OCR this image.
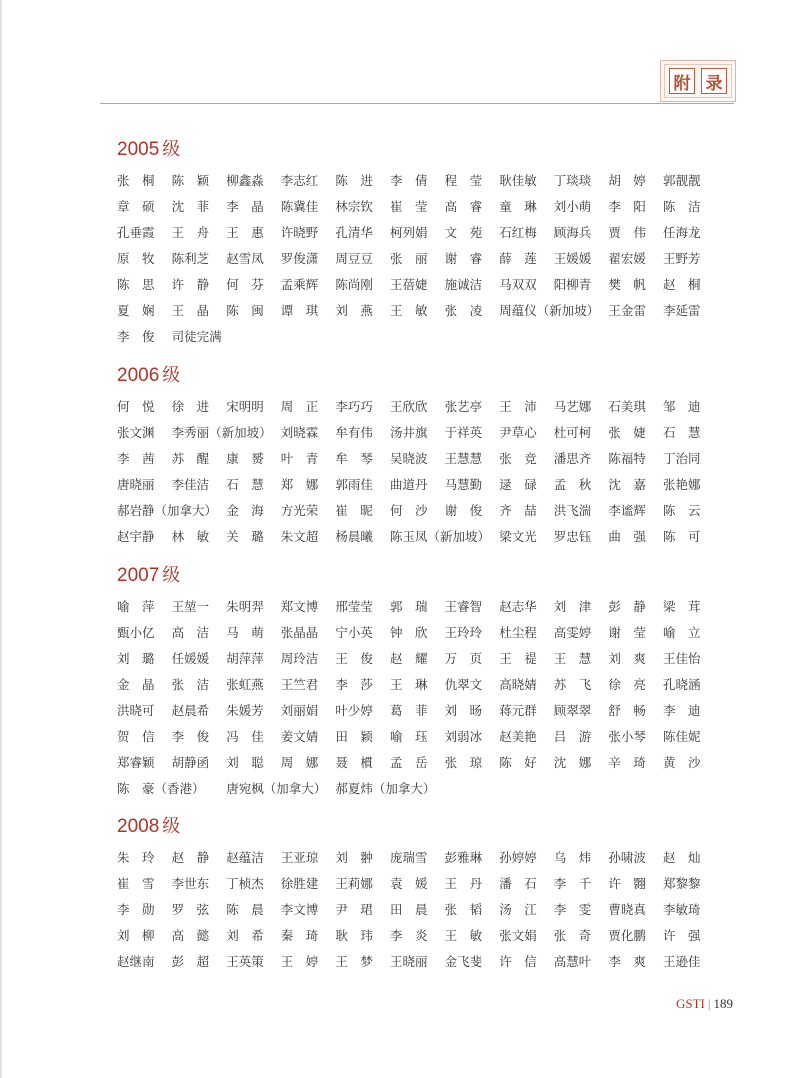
附 录
2005 级
张　桐 陈　颖 柳鑫淼 李志红 陈　进 李　倩 程　莹 耿佳敏 丁琰琰 胡　婷 郭靓靓
章　硕 沈　菲 李　晶 陈冀佳 林宗钦 崔　莹 高　睿 童　琳 刘小萌 李　阳 陈　洁
孔垂霞 王　舟 王　惠 许晓野 孔清华 柯列娟 文　苑 石红梅 顾海兵 贾　伟 任海龙
原　牧 陈利芝 赵雪凤 罗俊潇 周豆豆 张　丽 谢　睿 薛　莲 王媛媛 翟宏媛 王野芳
陈　思 许　静 何　芬 孟乘辉 陈尚刚 王蓓婕 施诚洁 马双双 阳柳青 樊　帆 赵　桐
夏　娴 王　晶 陈　闽 谭　琪 刘　燕 王　敏 张　凌 周蕴仪（新加坡） 王金雷 李延雷
李　俊 司徒完满
2006 级
何　悦 徐　进 宋明明 周　正 李巧巧 王欣欣 张艺亭 王　沛 马艺娜 石美琪 邹　迪
张文渊 李秀丽（新加坡） 刘晓霖 牟有伟 汤井旗 于祥英 尹草心 杜可柯 张　婕 石　慧
李　茜 苏　醒 康　赟 叶　青 牟　琴 吴晓波 王慧慧 张　竞 潘思齐 陈福特 丁治同
唐晓丽 李佳洁 石　慧 郑　娜 郭雨佳 曲道丹 马慧勤 逯　碌 孟　秋 沈　嘉 张艳娜
郝岩静（加拿大） 金　海 方光荣 崔　昵 何　沙 谢　俊 齐　喆 洪飞湍 李谧辉 陈　云
赵宇静 林　敏 关　璐 朱文超 杨晨曦 陈玉凤（新加坡） 梁文光 罗忠钰 曲　强 陈　可
2007 级
喻　萍 王堃一 朱明羿 郑文博 邢莹莹 郭　瑞 王睿智 赵志华 刘　津 彭　静 梁　茸
甄小亿 高　洁 马　萌 张晶晶 宁小英 钟　欣 王玲玲 杜尘程 高雯婷 谢　莹 喻　立
刘　璐 任媛媛 胡萍萍 周玲洁 王　俊 赵　耀 万　页 王　禔 王　慧 刘　爽 王佳怡
金　晶 张　洁 张虹燕 王竺君 李　莎 王　琳 仇翠文 高晓婧 苏　飞 徐　亮 孔晓涵
洪晓可 赵晨希 朱媛芳 刘丽娟 叶少婷 葛　菲 刘　旸 蒋元群 顾翠翠 舒　畅 李　迪
贺　信 李　俊 冯　佳 姜文婧 田　颖 喻　珏 刘弱冰 赵美艳 吕　游 张小琴 陈佳妮
郑睿颖 胡静函 刘　聪 周　娜 聂　樌 孟　岳 张　琼 陈　好 沈　娜 辛　琦 黄　沙
陈　豪（香港） 唐宛枫（加拿大） 郝夏炜（加拿大）
2008 级
朱　玲 赵　静 赵蕴洁 王亚琼 刘　翀 庞瑞雪 彭雅琳 孙婷婷 乌　炜 孙啸波 赵　灿
崔　雪 李世东 丁桢杰 徐胜建 王莉娜 袁　媛 王　丹 潘　石 李　千 许　翾 郑黎黎
李　勋 罗　弦 陈　晨 李文博 尹　珺 田　晨 张　韬 汤　江 李　雯 曹晓真 李敏琦
刘　柳 高　懿 刘　希 秦　琦 耿　玮 李　炎 王　敏 张文娟 张　奇 贾化鹏 许　强
赵继南 彭　超 王英策 王　婷 王　梦 王晓丽 金飞斐 许　信 高慧叶 李　爽 王逊佳
GSTI | 189
